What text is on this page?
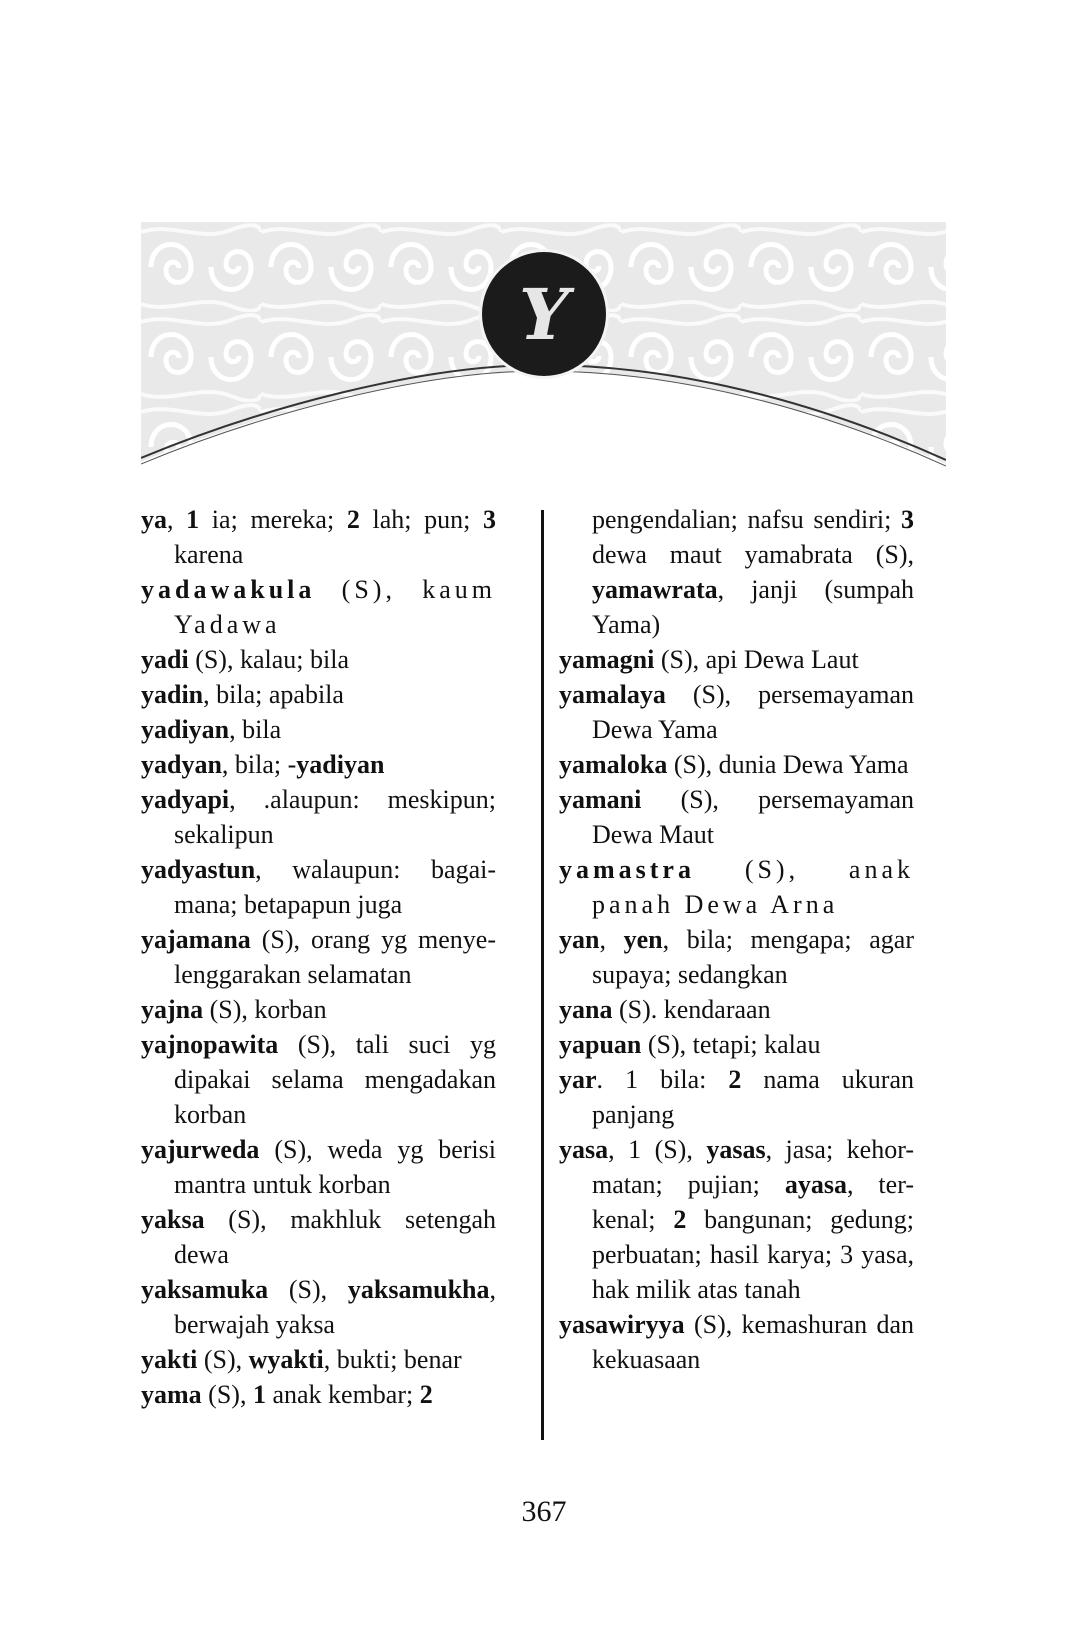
Y
ya, 1 ia; mereka; 2 lah; pun; 3 karena
yadawakula (S), kaum Yadawa
yadi (S), kalau; bila
yadin, bila; apabila
yadiyan, bila
yadyan, bila; -yadiyan
yadyapi, .alaupun: meskipun; sekalipun
yadyastun, walaupun: bagai- mana; betapapun juga
yajamana (S), orang yg menye- lenggarakan selamatan
yajna (S), korban
yajnopawita (S), tali suci yg dipakai selama mengadakan korban
yajurweda (S), weda yg berisi mantra untuk korban
yaksa (S), makhluk setengah dewa
yaksamuka (S), yaksamukha, berwajah yaksa
yakti (S), wyakti, bukti; benar
yama (S), 1 anak kembar; 2
pengendalian; nafsu sendiri; 3 dewa maut yamabrata (S), yamawrata, janji (sumpah Yama)
yamagni (S), api Dewa Laut
yamalaya (S), persemayaman Dewa Yama
yamaloka (S), dunia Dewa Yama
yamani (S), persemayaman Dewa Maut
yamastra (S), anak panah Dewa Arna
yan, yen, bila; mengapa; agar supaya; sedangkan
yana (S). kendaraan
yapuan (S), tetapi; kalau
yar. 1 bila: 2 nama ukuran panjang
yasa, 1 (S), yasas, jasa; kehor- matan; pujian; ayasa, ter- kenal; 2 bangunan; gedung; perbuatan; hasil karya; 3 yasa, hak milik atas tanah
yasawiryya (S), kemashuran dan kekuasaan
367
